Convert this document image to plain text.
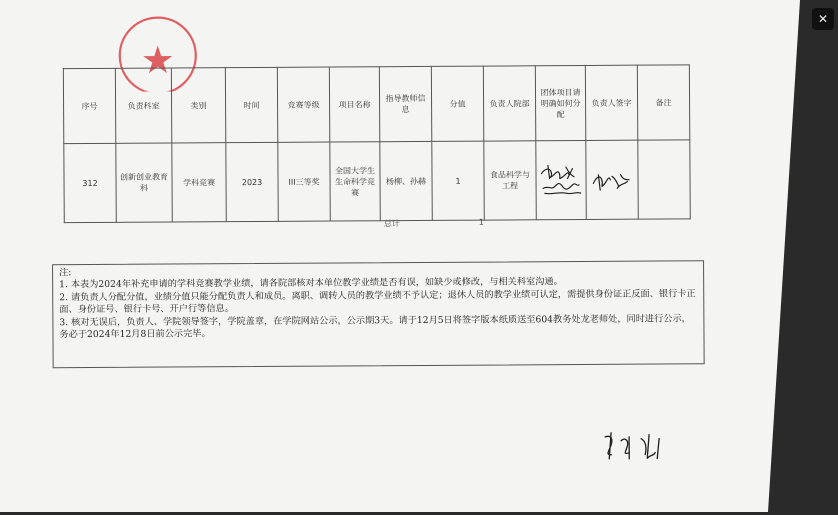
序号	负责科室	类别	时间	竞赛等级	项目名称	指导教师信息	分值	负责人院部	团体项目请明确如何分配	负责人签字	备注
312	创新创业教育科	学科竞赛	2023	III三等奖	全国大学生生命科学竞赛	杨柳、孙赫	1	食品科学与工程	

总计	1

注:

1. 本表为2024年补充申请的学科竞赛教学业绩，请各院部核对本单位教学业绩是否有误，如缺少或修改，与相关科室沟通。

2. 请负责人分配分值，业绩分值只能分配负责人和成员。离职、调转人员的教学业绩不予认定；退休人员的教学业绩可认定，需提供身份证正反面、银行卡正面、身份证号、银行卡号、开户行等信息。

3. 核对无误后，负责人、学院领导签字，学院盖章，在学院网站公示，公示期3天。请于12月5日将签字版本纸质送至604教务处龙老师处，同时进行公示，务必于2024年12月8日前公示完毕。

✕
